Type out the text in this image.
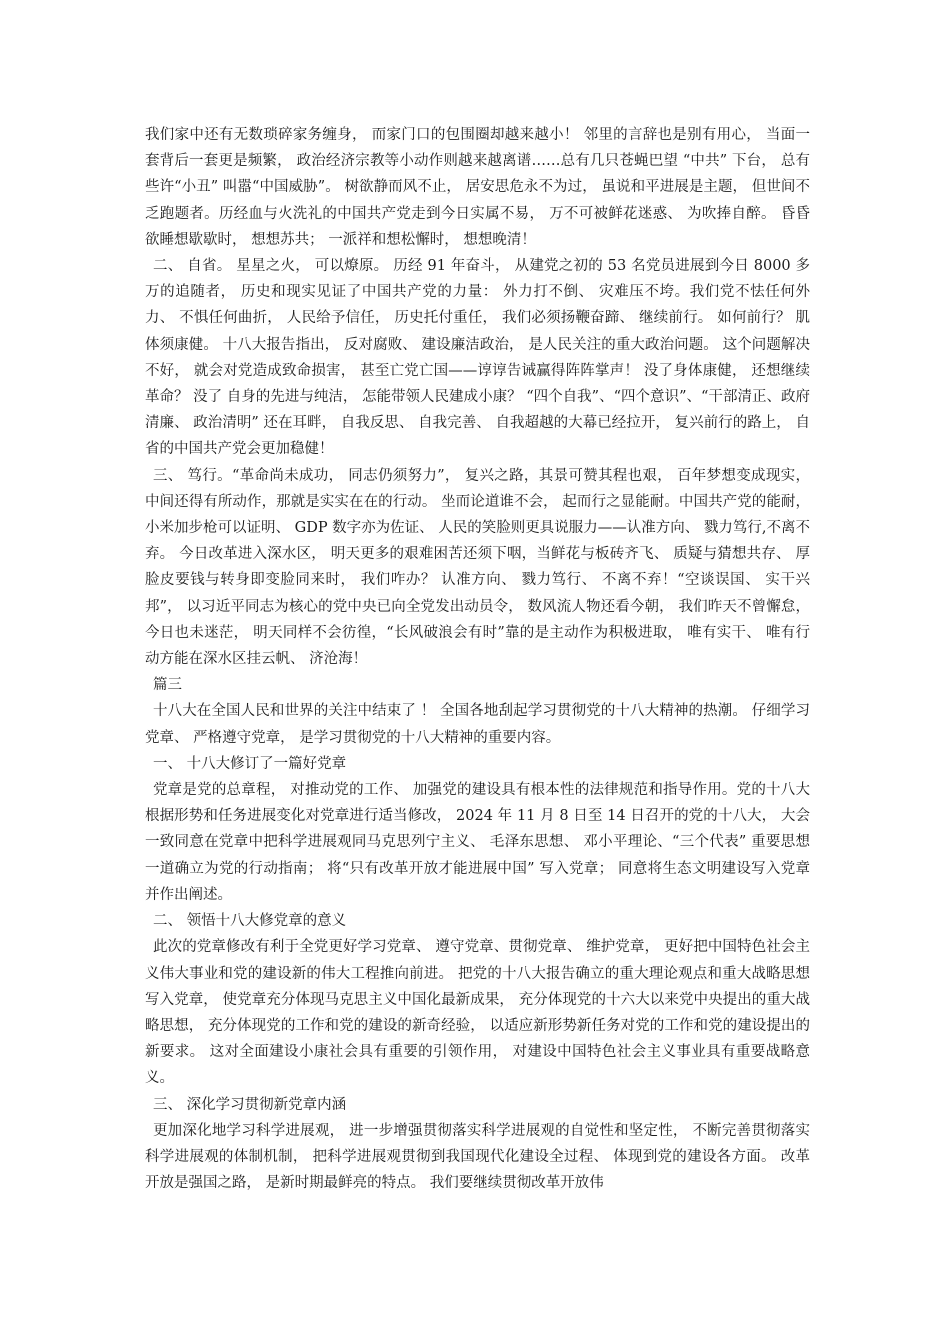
我们家中还有无数琐碎家务缠身， 而家门口的包围圈却越来越小！ 邻里的言辞也是别有用心， 当面一套背后一套更是频繁， 政治经济宗教等小动作则越来越离谱……总有几只苍蝇巴望 “中共” 下台， 总有些许“小丑” 叫嚣“中国威胁”。 树欲静而风不止， 居安思危永不为过， 虽说和平进展是主题， 但世间不乏跑题者。历经血与火洗礼的中国共产党走到今日实属不易， 万不可被鲜花迷惑、 为吹捧自醉。 昏昏欲睡想歇歇时， 想想苏共； 一派祥和想松懈时， 想想晚清！

二、 自省。 星星之火， 可以燎原。 历经 91 年奋斗， 从建党之初的 53 名党员进展到今日 8000 多万的追随者， 历史和现实见证了中国共产党的力量： 外力打不倒、 灾难压不垮。我们党不怯任何外力、 不惧任何曲折， 人民给予信任， 历史托付重任， 我们必须扬鞭奋蹄、 继续前行。 如何前行？ 肌体须康健。 十八大报告指出， 反对腐败、 建设廉洁政治， 是人民关注的重大政治问题。 这个问题解决不好， 就会对党造成致命损害， 甚至亡党亡国——谆谆告诫赢得阵阵掌声！ 没了身体康健， 还想继续革命？ 没了 自身的先进与纯洁， 怎能带领人民建成小康？ “四个自我”、“四个意识”、“干部清正、政府清廉、 政治清明” 还在耳畔， 自我反思、 自我完善、 自我超越的大幕已经拉开， 复兴前行的路上， 自省的中国共产党会更加稳健！

三、 笃行。“革命尚未成功， 同志仍须努力”， 复兴之路，其景可赞其程也艰， 百年梦想变成现实， 中间还得有所动作，那就是实实在在的行动。 坐而论道谁不会， 起而行之显能耐。中国共产党的能耐， 小米加步枪可以证明、 GDP 数字亦为佐证、 人民的笑脸则更具说服力——认准方向、 戮力笃行,不离不弃。 今日改革进入深水区， 明天更多的艰难困苦还须下咽，当鲜花与板砖齐飞、 质疑与猜想共存、 厚脸皮要钱与转身即变脸同来时， 我们咋办？ 认准方向、 戮力笃行、 不离不弃！“空谈误国、 实干兴邦”， 以习近平同志为核心的党中央已向全党发出动员令， 数风流人物还看今朝， 我们昨天不曾懈怠， 今日也未迷茫， 明天同样不会彷徨，“长风破浪会有时”靠的是主动作为积极进取， 唯有实干、 唯有行动方能在深水区挂云帆、 济沧海！

篇三

十八大在全国人民和世界的关注中结束了 ！ 全国各地刮起学习贯彻党的十八大精神的热潮。 仔细学习党章、 严格遵守党章， 是学习贯彻党的十八大精神的重要内容。

一、 十八大修订了一篇好党章

党章是党的总章程， 对推动党的工作、 加强党的建设具有根本性的法律规范和指导作用。党的十八大根据形势和任务进展变化对党章进行适当修改， 2024 年 11 月 8 日至 14 日召开的党的十八大， 大会一致同意在党章中把科学进展观同马克思列宁主义、 毛泽东思想、 邓小平理论、“三个代表” 重要思想一道确立为党的行动指南； 将“只有改革开放才能进展中国” 写入党章； 同意将生态文明建设写入党章并作出阐述。

二、 领悟十八大修党章的意义

此次的党章修改有利于全党更好学习党章、 遵守党章、贯彻党章、 维护党章， 更好把中国特色社会主义伟大事业和党的建设新的伟大工程推向前进。 把党的十八大报告确立的重大理论观点和重大战略思想写入党章， 使党章充分体现马克思主义中国化最新成果， 充分体现党的十六大以来党中央提出的重大战略思想， 充分体现党的工作和党的建设的新奇经验， 以适应新形势新任务对党的工作和党的建设提出的新要求。 这对全面建设小康社会具有重要的引领作用， 对建设中国特色社会主义事业具有重要战略意义。

三、 深化学习贯彻新党章内涵

更加深化地学习科学进展观， 进一步增强贯彻落实科学进展观的自觉性和坚定性， 不断完善贯彻落实科学进展观的体制机制， 把科学进展观贯彻到我国现代化建设全过程、 体现到党的建设各方面。 改革开放是强国之路， 是新时期最鲜亮的特点。 我们要继续贯彻改革开放伟
